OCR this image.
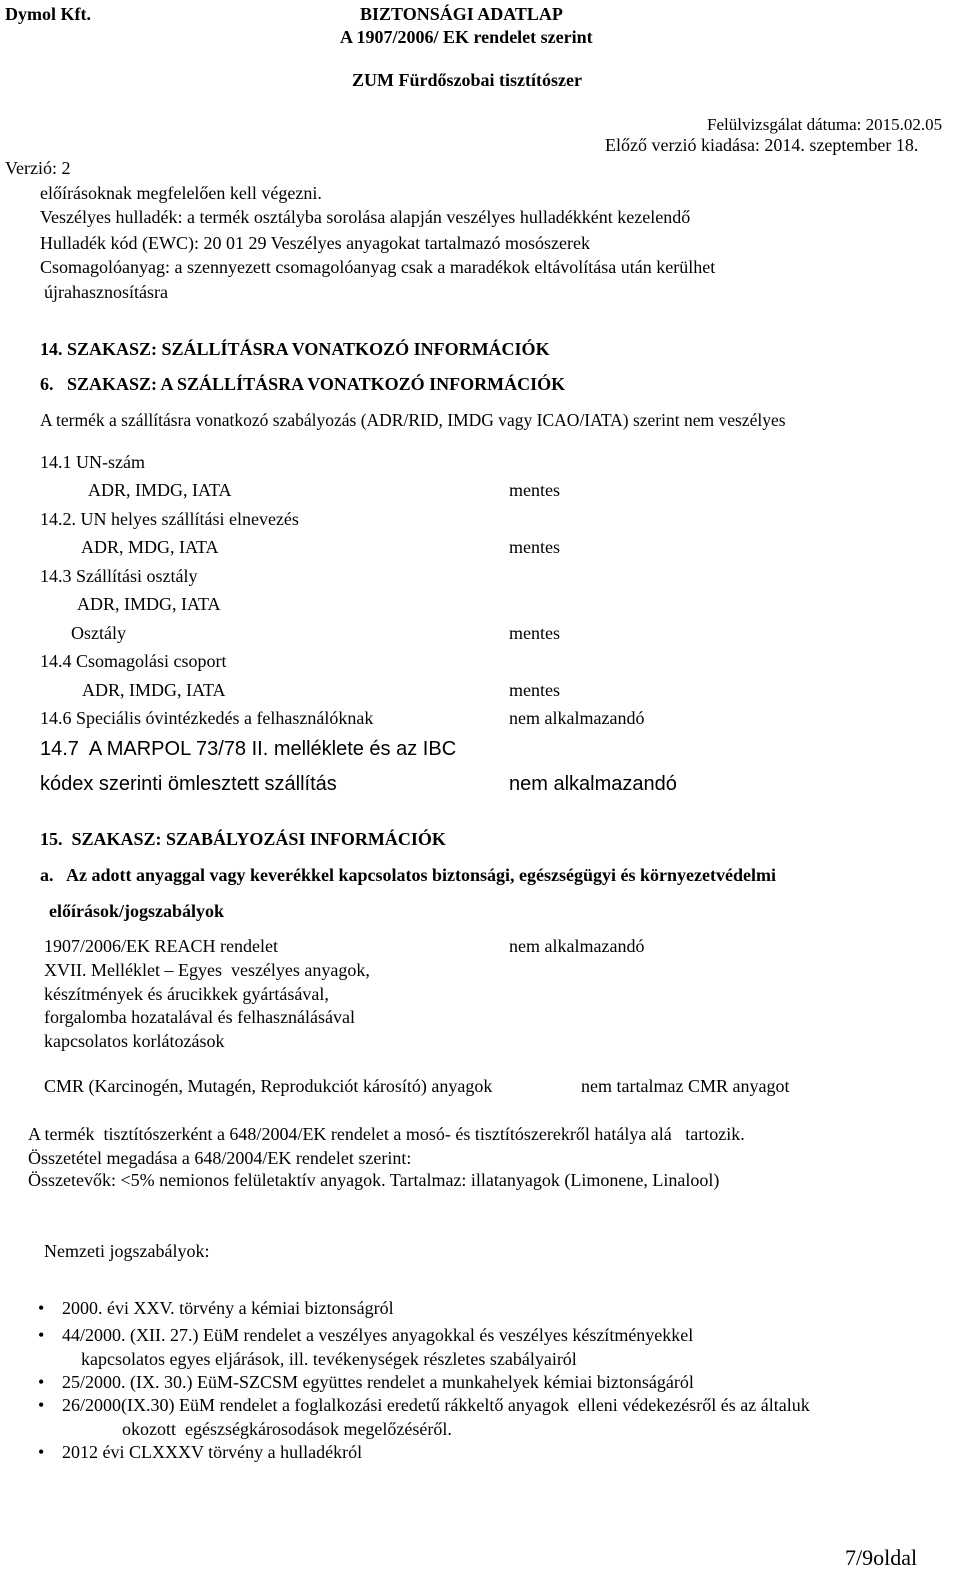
Dymol Kft.	BIZTONSÁGI ADATLAP
A 1907/2006/ EK rendelet szerint
ZUM Fürdőszobai tisztítószer
Felülvizsgálat dátuma: 2015.02.05
Előző verzió kiadása: 2014. szeptember 18.
Verzió: 2
előírásoknak megfelelően kell végezni.
Veszélyes hulladék: a termék osztályba sorolása alapján veszélyes hulladékként kezelendő
Hulladék kód (EWC): 20 01 29 Veszélyes anyagokat tartalmazó mosószerek
Csomagolóanyag: a szennyezett csomagolóanyag csak a maradékok eltávolítása után kerülhet
újrahasznosításra
14. SZAKASZ: SZÁLLÍTÁSRA VONATKOZÓ INFORMÁCIÓK
6.   SZAKASZ: A SZÁLLÍTÁSRA VONATKOZÓ INFORMÁCIÓK
A termék a szállításra vonatkozó szabályozás (ADR/RID, IMDG vagy ICAO/IATA) szerint nem veszélyes
14.1 UN-szám
ADR, IMDG, IATA	mentes
14.2. UN helyes szállítási elnevezés
ADR, MDG, IATA	mentes
14.3 Szállítási osztály
ADR, IMDG, IATA
Osztály	mentes
14.4 Csomagolási csoport
ADR, IMDG, IATA	mentes
14.6 Speciális óvintézkedés a felhasználóknak	nem alkalmazandó
14.7  A MARPOL 73/78 II. melléklete és az IBC
kódex szerinti ömlesztett szállítás	nem alkalmazandó
15.  SZAKASZ: SZABÁLYOZÁSI INFORMÁCIÓK
a.   Az adott anyaggal vagy keverékkel kapcsolatos biztonsági, egészségügyi és környezetvédelmi
előírások/jogszabályok
1907/2006/EK REACH rendelet	nem alkalmazandó
XVII. Melléklet – Egyes  veszélyes anyagok,
készítmények és árucikkek gyártásával,
forgalomba hozatalával és felhasználásával
kapcsolatos korlátozások
CMR (Karcinogén, Mutagén, Reprodukciót károsító) anyagok	nem tartalmaz CMR anyagot
A termék  tisztítószerként a 648/2004/EK rendelet a mosó- és tisztítószerekről hatálya alá   tartozik.
Összetétel megadása a 648/2004/EK rendelet szerint:
Összetevők: <5% nemionos felületaktív anyagok. Tartalmaz: illatanyagok (Limonene, Linalool)
Nemzeti jogszabályok:
• 2000. évi XXV. törvény a kémiai biztonságról
• 44/2000. (XII. 27.) EüM rendelet a veszélyes anyagokkal és veszélyes készítményekkel
kapcsolatos egyes eljárások, ill. tevékenységek részletes szabályairól
• 25/2000. (IX. 30.) EüM-SZCSM együttes rendelet a munkahelyek kémiai biztonságáról
• 26/2000(IX.30) EüM rendelet a foglalkozási eredetű rákkeltő anyagok  elleni védekezésről és az általuk
okozott  egészségkárosodások megelőzéséről.
• 2012 évi CLXXXV törvény a hulladékról
7/9oldal
